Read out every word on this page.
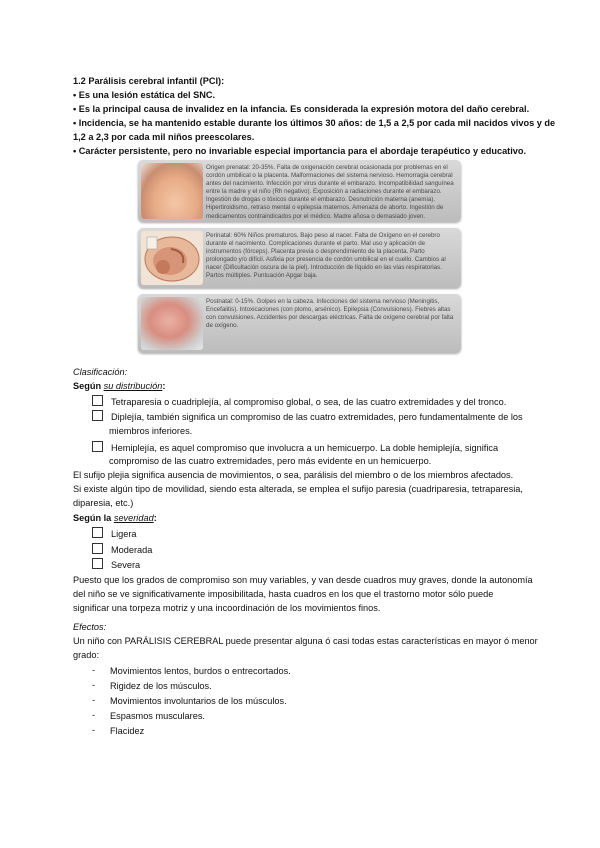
1.2 Parálisis cerebral infantil (PCI):
• Es una lesión estática del SNC.
• Es la principal causa de invalidez en la infancia. Es considerada la expresión motora del daño cerebral.
• Incidencia, se ha mantenido estable durante los últimos 30 años: de 1,5 a 2,5 por cada mil nacidos vivos y de
1,2 a 2,3 por cada mil niños preescolares.
• Carácter persistente, pero no invariable especial importancia para el abordaje terapéutico y educativo.
Origen prenatal: 20-35%. Falta de oxigenación cerebral ocasionada por problemas en el cordón umbilical o la placenta. Malformaciones del sistema nervioso. Hemorragia cerebral antes del nacimiento. Infección por virus durante el embarazo. Incompatibilidad sanguínea entre la madre y el niño (Rh negativo). Exposición a radiaciones durante el embarazo. Ingestión de drogas o tóxicos durante el embarazo. Desnutrición materna (anemia). Hipertiroidismo, retraso mental o epilepsia maternos. Amenaza de aborto. Ingestión de medicamentos contraindicados por el médico. Madre añosa o demasiado joven.
Perinatal: 60% Niños prematuros. Bajo peso al nacer. Falta de Oxígeno en el cerebro durante el nacimiento. Complicaciones durante el parto. Mal uso y aplicación de instrumentos (fórceps). Placenta previa o desprendimiento de la placenta. Parto prolongado y/o difícil. Asfixia por presencia de cordón umbilical en el cuello. Cambios al nacer (Dificultación oscura de la piel). Introducción de líquido en las vías respiratorias. Partos múltiples. Puntuación Apgar baja.
Postnatal: 0-15%. Golpes en la cabeza. Infecciones del sistema nervioso (Meningitis, Encefalitis). Intoxicaciones (con plomo, arsénico). Epilepsia (Convulsiones). Fiebres altas con convulsiones. Accidentes por descargas eléctricas. Falta de oxígeno cerebral por falta de oxígeno.
Clasificación:
Según su distribución:
Tetraparesia o cuadriplejía, al compromiso global, o sea, de las cuatro extremidades y del tronco.
Diplejía, también significa un compromiso de las cuatro extremidades, pero fundamentalmente de los
miembros inferiores.
Hemiplejía, es aquel compromiso que involucra a un hemicuerpo. La doble hemiplejía, significa
compromiso de las cuatro extremidades, pero más evidente en un hemicuerpo.
El sufijo plejia significa ausencia de movimientos, o sea, parálisis del miembro o de los miembros afectados.
Si existe algún tipo de movilidad, siendo esta alterada, se emplea el sufijo paresia (cuadriparesia, tetraparesia,
diparesia, etc.)
Según la severidad:
Ligera
Moderada
Severa
Puesto que los grados de compromiso son muy variables, y van desde cuadros muy graves, donde la autonomía
del niño se ve significativamente imposibilitada, hasta cuadros en los que el trastorno motor sólo puede
significar una torpeza motriz y una incoordinación de los movimientos finos.
Efectos:
Un niño con PARÁLISIS CEREBRAL puede presentar alguna ó casi todas estas características en mayor ó menor
grado:
- Movimientos lentos, burdos o entrecortados.
- Rigidez de los músculos.
- Movimientos involuntarios de los músculos.
- Espasmos musculares.
- Flacidez
